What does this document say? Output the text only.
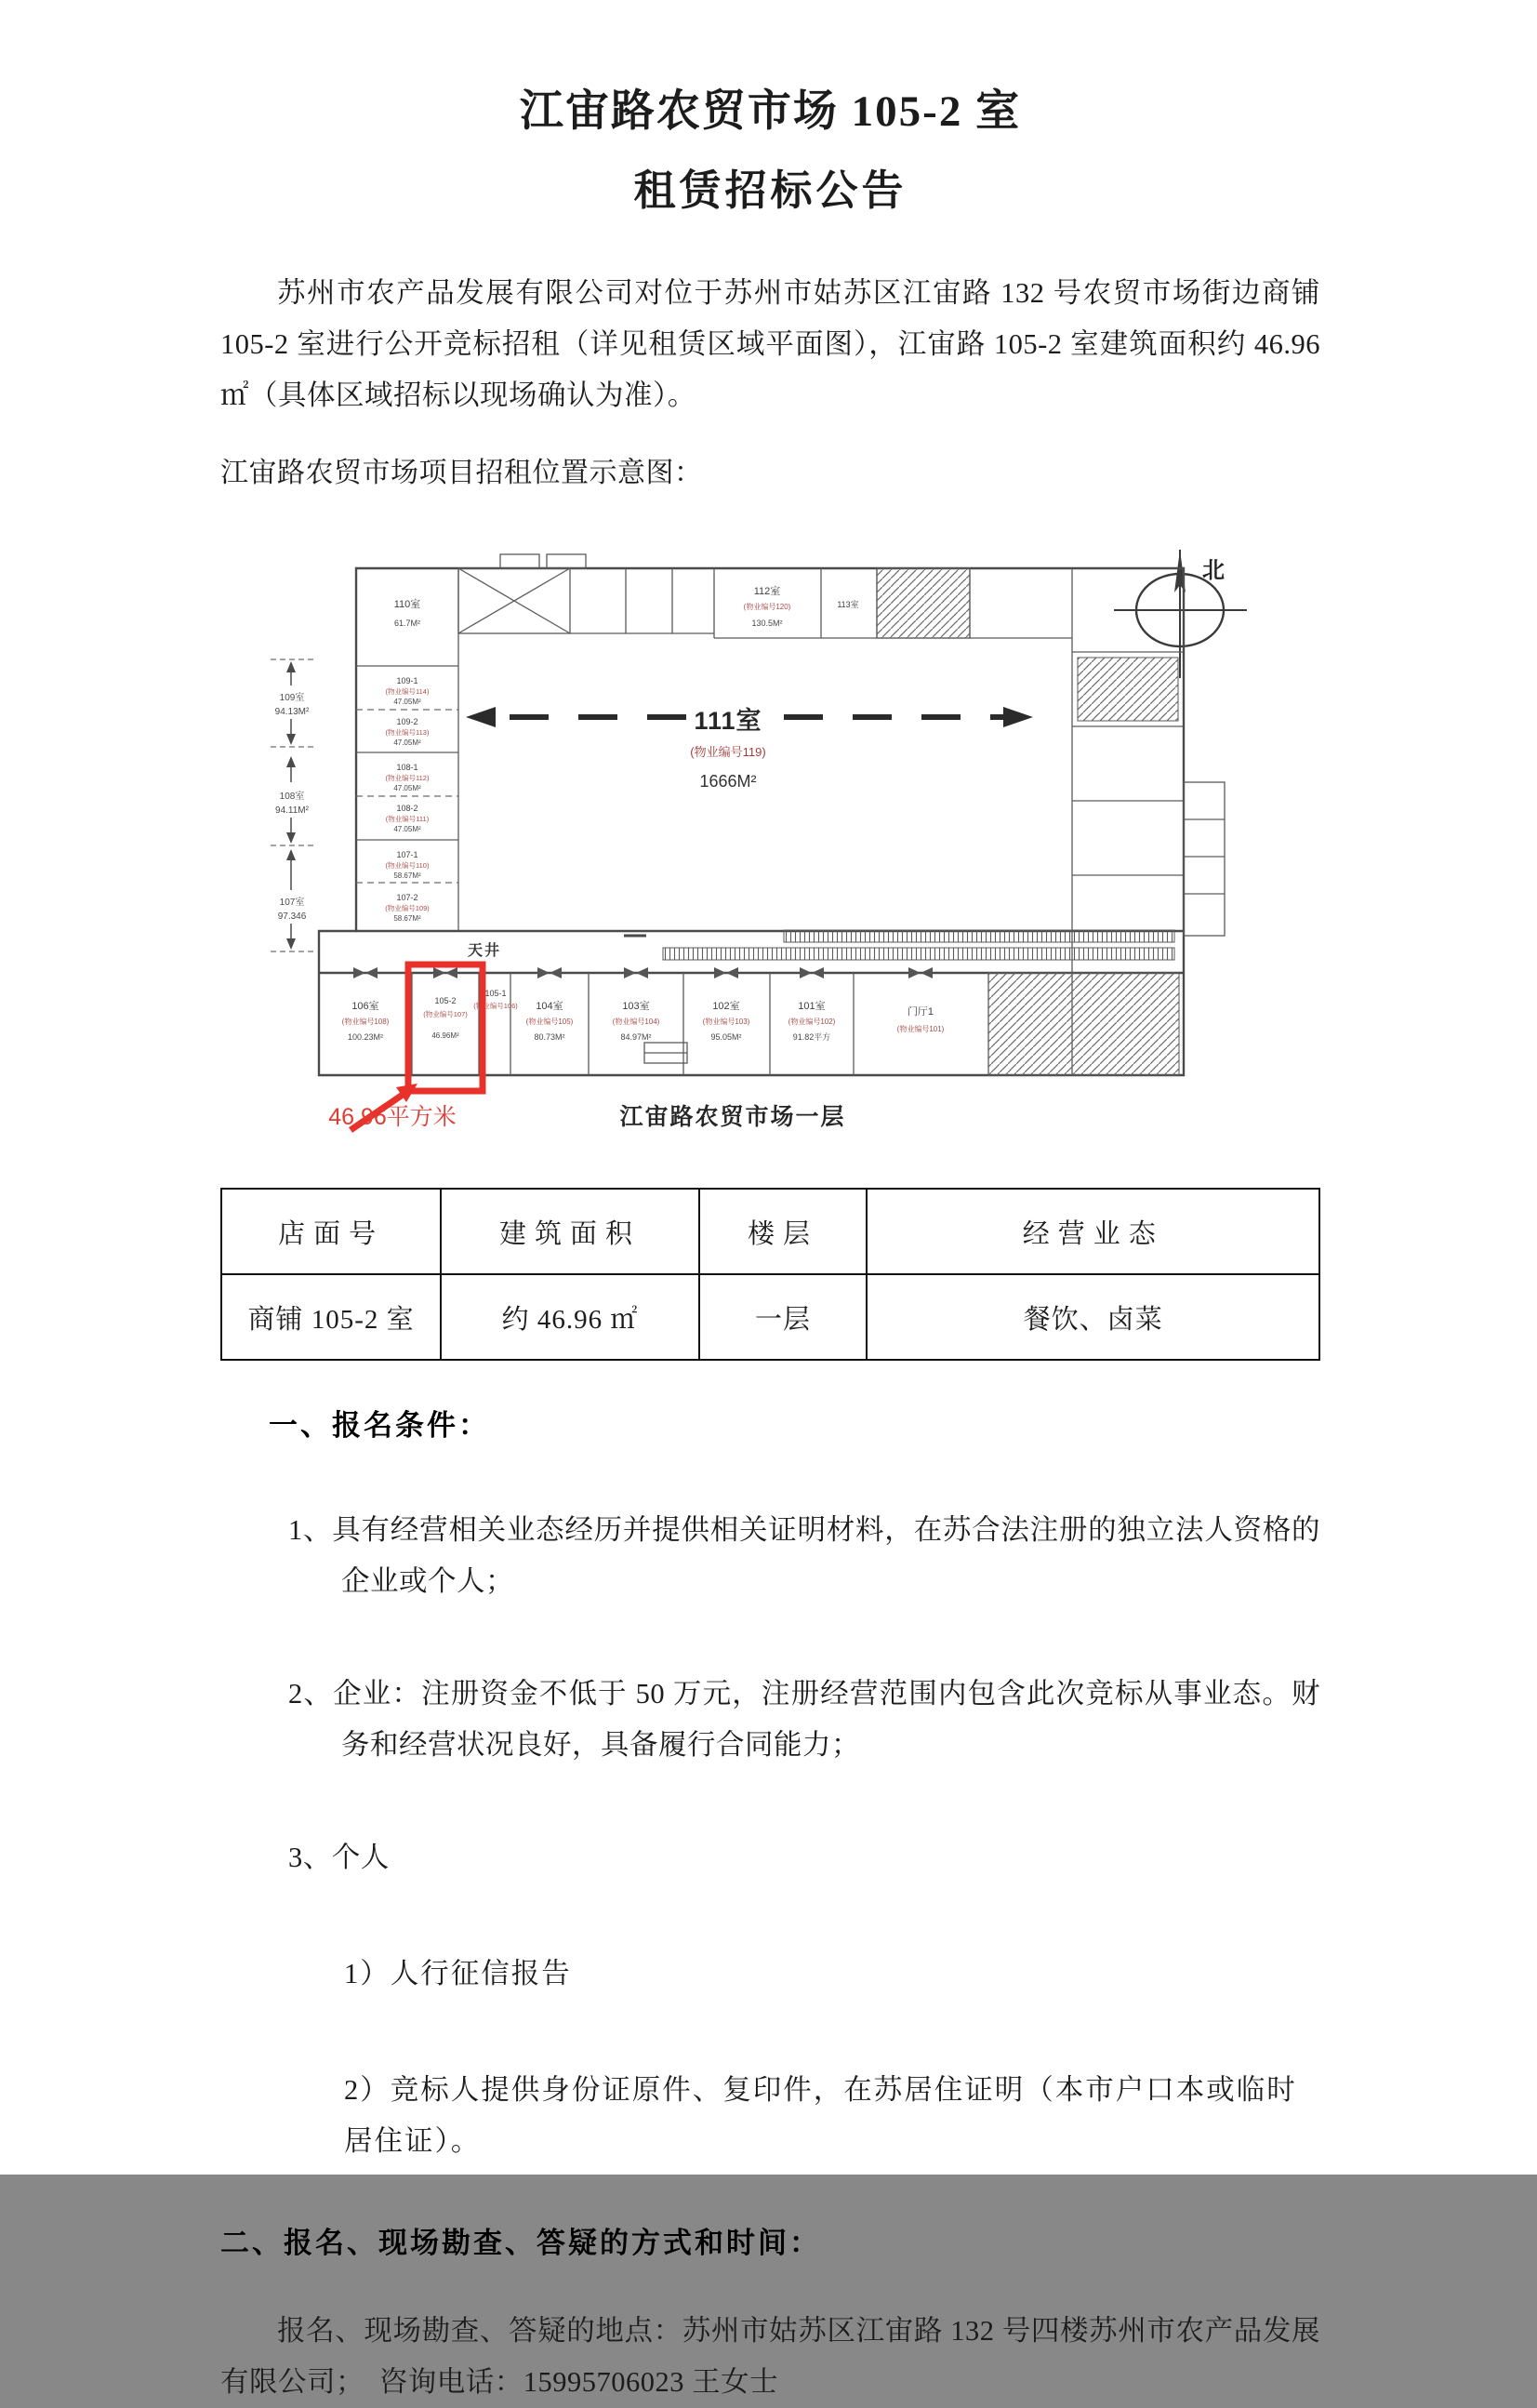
江宙路农贸市场 105-2 室
租赁招标公告

苏州市农产品发展有限公司对位于苏州市姑苏区江宙路 132 号农贸市场街边商铺 105-2 室进行公开竞标招租（详见租赁区域平面图），江宙路 105-2 室建筑面积约 46.96 ㎡（具体区域招标以现场确认为准）。

江宙路农贸市场项目招租位置示意图：

北
111室
(物业编号119)
1666M²
天井
110室
61.7M²
112室
(物业编号120)
130.5M²
113室
109-1
(物业编号114)
47.05M²
109-2
(物业编号113)
47.05M²
108-1
(物业编号112)
47.05M²
108-2
(物业编号111)
47.05M²
107-1
(物业编号110)
58.67M²
107-2
(物业编号109)
58.67M²
109室
94.13M²
108室
94.11M²
107室
97.346
106室
(物业编号108)
100.23M²
105-2
(物业编号107)
46.96M²
105-1
(物业编号106) 104室
(物业编号105)
80.73M²
103室
(物业编号104)
84.97M²
102室
(物业编号103)
95.05M²
101室
(物业编号102)
91.82平方
门厅1
(物业编号101)
46.96平方米	江宙路农贸市场一层
店面号	建筑面积	楼层	经营业态
商铺 105-2 室	约 46.96 ㎡	一层	餐饮、卤菜
一、报名条件：

1、具有经营相关业态经历并提供相关证明材料，在苏合法注册的独立法人资格的企业或个人；

2、企业：注册资金不低于 50 万元，注册经营范围内包含此次竞标从事业态。财务和经营状况良好，具备履行合同能力；

3、个人

1）人行征信报告

2）竞标人提供身份证原件、复印件，在苏居住证明（本市户口本或临时居住证）。

二、报名、现场勘查、答疑的方式和时间：

报名、现场勘查、答疑的地点：苏州市姑苏区江宙路 132 号四楼苏州市农产品发展有限公司；　咨询电话：15995706023 王女士
